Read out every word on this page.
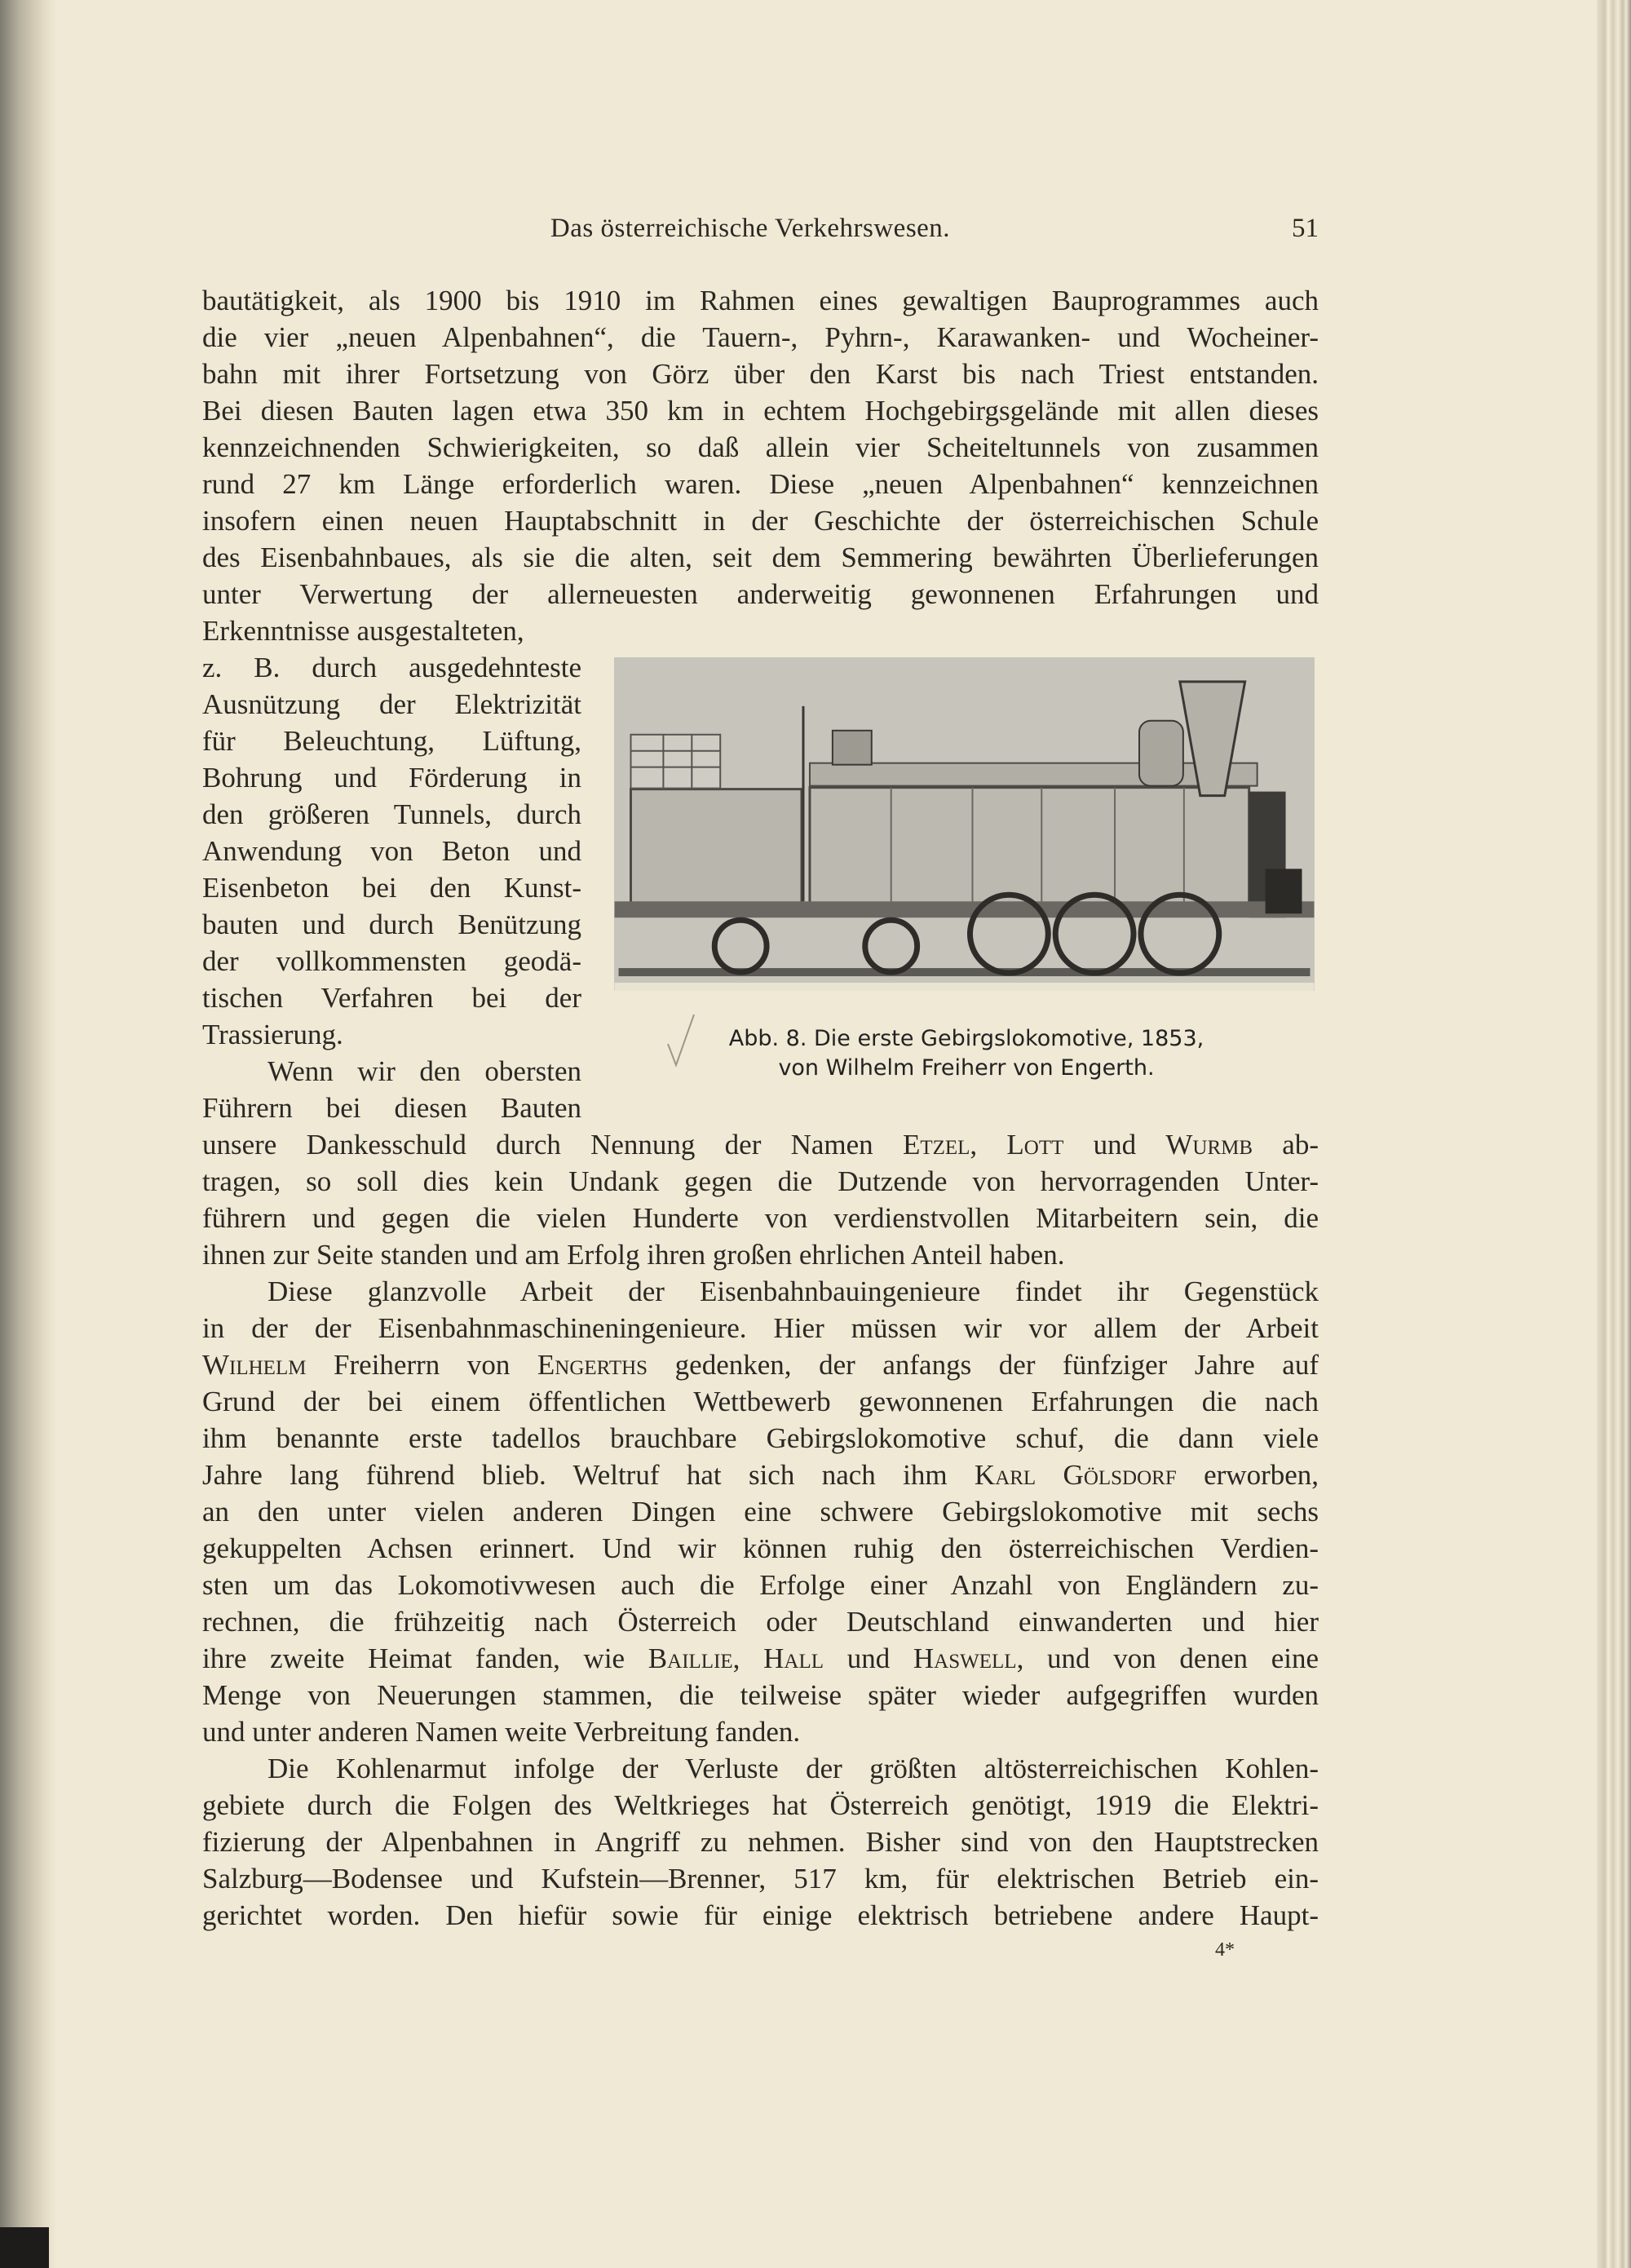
Das österreichische Verkehrswesen.	51
bautätigkeit, als 1900 bis 1910 im Rahmen eines gewaltigen Bauprogrammes auch
die vier „neuen Alpenbahnen“, die Tauern-, Pyhrn-, Karawanken- und Wocheiner-
bahn mit ihrer Fortsetzung von Görz über den Karst bis nach Triest entstanden.
Bei diesen Bauten lagen etwa 350 km in echtem Hochgebirgsgelände mit allen dieses
kennzeichnenden Schwierigkeiten, so daß allein vier Scheiteltunnels von zusammen
rund 27 km Länge erforderlich waren. Diese „neuen Alpenbahnen“ kennzeichnen
insofern einen neuen Hauptabschnitt in der Geschichte der österreichischen Schule
des Eisenbahnbaues, als sie die alten, seit dem Semmering bewährten Überlieferungen
unter Verwertung der allerneuesten anderweitig gewonnenen Erfahrungen und
Erkenntnisse ausgestalteten,
z. B. durch ausgedehnteste
Ausnützung der Elektrizität
für Beleuchtung, Lüftung,
Bohrung und Förderung in
den größeren Tunnels, durch
Anwendung von Beton und
Eisenbeton bei den Kunst-
bauten und durch Benützung
der vollkommensten geodä-
tischen Verfahren bei der
Trassierung.
Wenn wir den obersten
Führern bei diesen Bauten
unsere Dankesschuld durch Nennung der Namen Etzel, Lott und Wurmb ab-
tragen, so soll dies kein Undank gegen die Dutzende von hervorragenden Unter-
führern und gegen die vielen Hunderte von verdienstvollen Mitarbeitern sein, die
ihnen zur Seite standen und am Erfolg ihren großen ehrlichen Anteil haben.
Diese glanzvolle Arbeit der Eisenbahnbauingenieure findet ihr Gegenstück
in der der Eisenbahnmaschineningenieure. Hier müssen wir vor allem der Arbeit
Wilhelm Freiherrn von Engerths gedenken, der anfangs der fünfziger Jahre auf
Grund der bei einem öffentlichen Wettbewerb gewonnenen Erfahrungen die nach
ihm benannte erste tadellos brauchbare Gebirgslokomotive schuf, die dann viele
Jahre lang führend blieb. Weltruf hat sich nach ihm Karl Gölsdorf erworben,
an den unter vielen anderen Dingen eine schwere Gebirgslokomotive mit sechs
gekuppelten Achsen erinnert. Und wir können ruhig den österreichischen Verdien-
sten um das Lokomotivwesen auch die Erfolge einer Anzahl von Engländern zu-
rechnen, die frühzeitig nach Österreich oder Deutschland einwanderten und hier
ihre zweite Heimat fanden, wie Baillie, Hall und Haswell, und von denen eine
Menge von Neuerungen stammen, die teilweise später wieder aufgegriffen wurden
und unter anderen Namen weite Verbreitung fanden.
Die Kohlenarmut infolge der Verluste der größten altösterreichischen Kohlen-
gebiete durch die Folgen des Weltkrieges hat Österreich genötigt, 1919 die Elektri-
fizierung der Alpenbahnen in Angriff zu nehmen. Bisher sind von den Hauptstrecken
Salzburg—Bodensee und Kufstein—Brenner, 517 km, für elektrischen Betrieb ein-
gerichtet worden. Den hiefür sowie für einige elektrisch betriebene andere Haupt-
Abb. 8. Die erste Gebirgslokomotive, 1853,
von Wilhelm Freiherr von Engerth.
4*
